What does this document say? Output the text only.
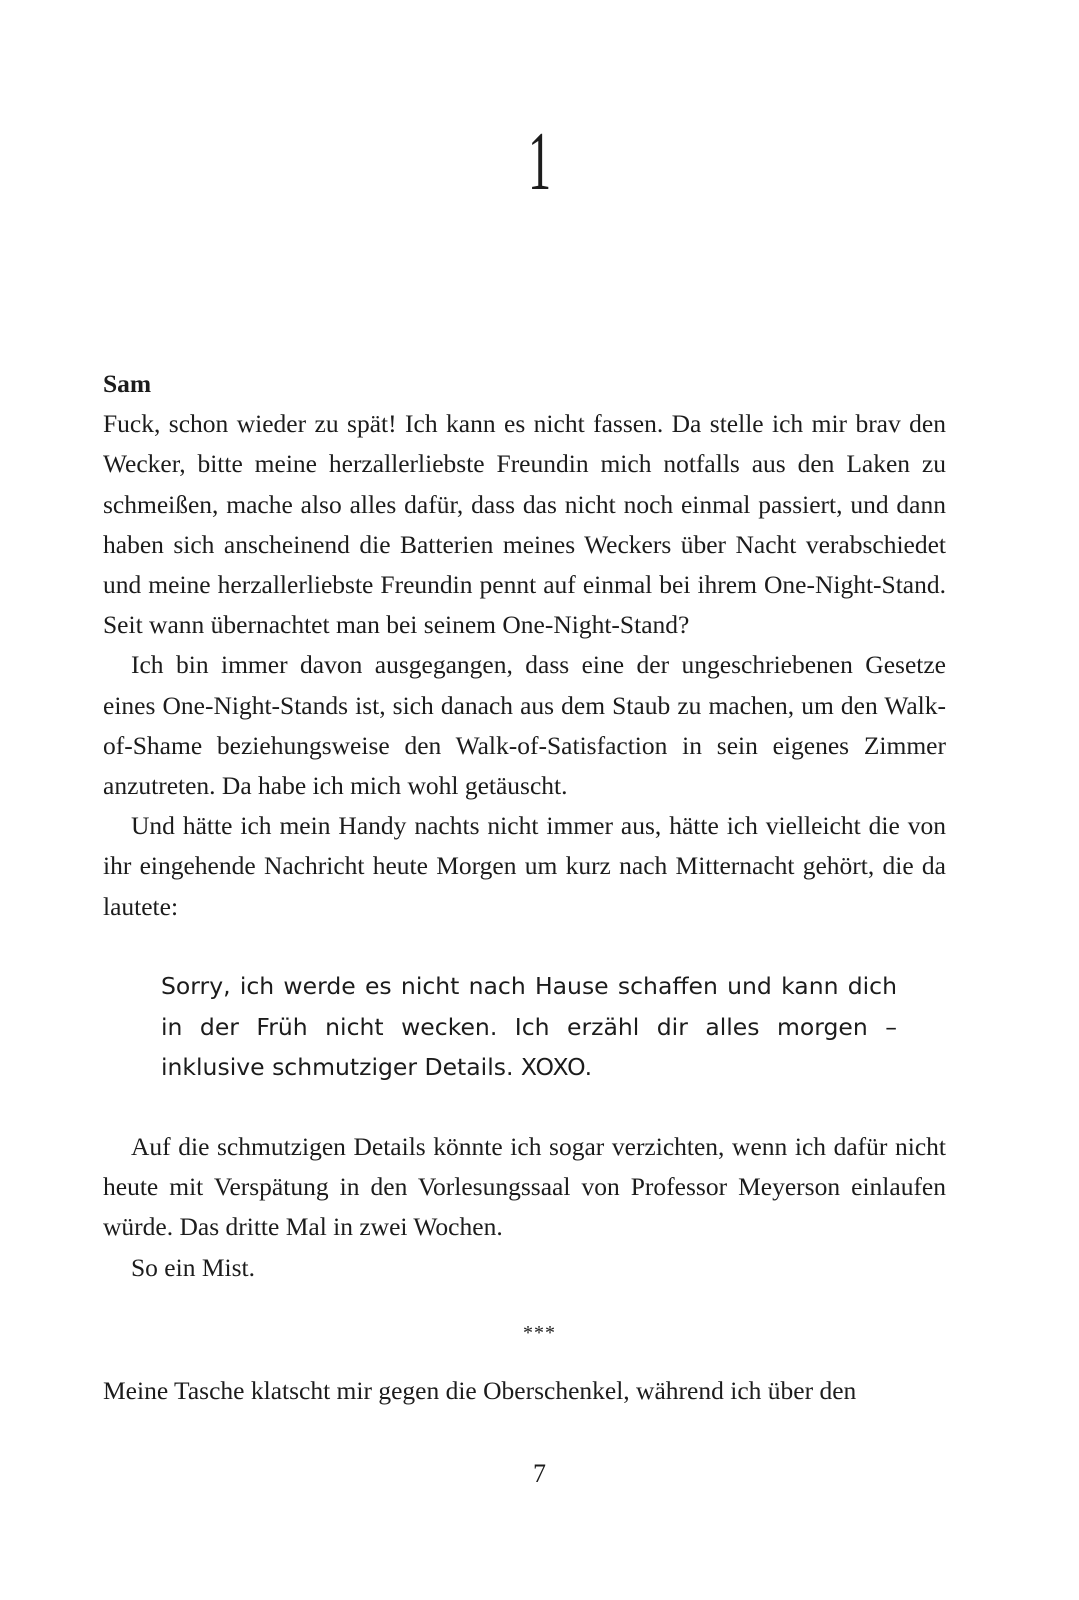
1

Sam

Fuck, schon wieder zu spät! Ich kann es nicht fassen. Da stelle ich mir brav den Wecker, bitte meine herzallerliebste Freundin mich notfalls aus den Laken zu schmeißen, mache also alles dafür, dass das nicht noch einmal passiert, und dann haben sich anscheinend die Batterien meines Weckers über Nacht verabschiedet und meine herzallerliebste Freundin pennt auf einmal bei ihrem One-Night-Stand. Seit wann übernachtet man bei seinem One-Night-Stand?

Ich bin immer davon ausgegangen, dass eine der ungeschriebenen Gesetze eines One-Night-Stands ist, sich danach aus dem Staub zu machen, um den Walk-of-Shame beziehungsweise den Walk-of-Satisfaction in sein eigenes Zimmer anzutreten. Da habe ich mich wohl getäuscht.

Und hätte ich mein Handy nachts nicht immer aus, hätte ich vielleicht die von ihr eingehende Nachricht heute Morgen um kurz nach Mitternacht gehört, die da lautete:

Sorry, ich werde es nicht nach Hause schaffen und kann dich in der Früh nicht wecken. Ich erzähl dir alles morgen – inklusive schmutziger Details. XOXO.

Auf die schmutzigen Details könnte ich sogar verzichten, wenn ich dafür nicht heute mit Verspätung in den Vorlesungssaal von Professor Meyerson einlaufen würde. Das dritte Mal in zwei Wochen.

So ein Mist.

***

Meine Tasche klatscht mir gegen die Oberschenkel, während ich über den

7
